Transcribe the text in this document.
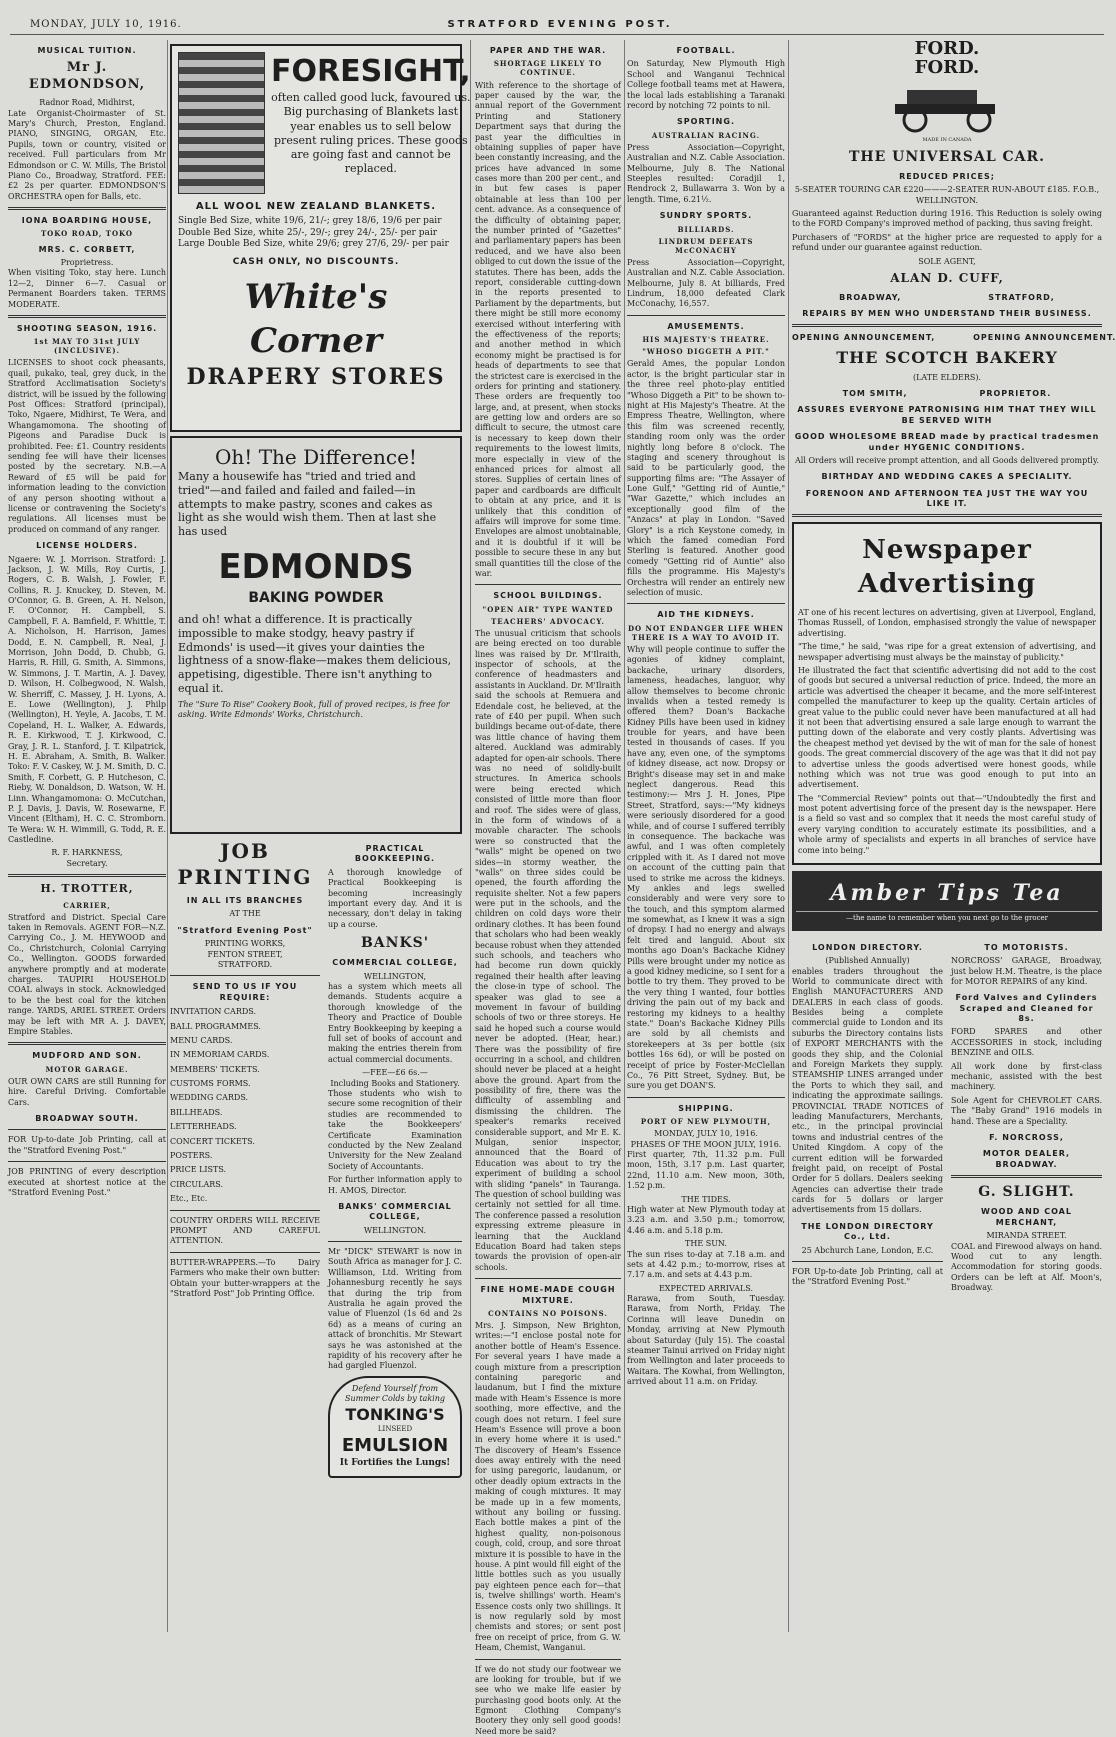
MONDAY, JULY 10, 1916.	STRATFORD EVENING POST.
MUSICAL TUITION.
Mr J. EDMONDSON,
Radnor Road, Midhirst,

Late Organist-Choirmaster of St. Mary's Church, Preston, England. PIANO, SINGING, ORGAN, Etc. Pupils, town or country, visited or received. Full particulars from Mr Edmondson or C. W. Mills, The Bristol Piano Co., Broadway, Stratford. FEE: £2 2s per quarter. EDMONDSON'S ORCHESTRA open for Balls, etc.

IONA BOARDING HOUSE,
TOKO ROAD, TOKO
MRS. C. CORBETT,
Proprietress.

When visiting Toko, stay here. Lunch 12—2, Dinner 6—7. Casual or Permanent Boarders taken. TERMS MODERATE.

SHOOTING SEASON, 1916.
1st MAY TO 31st JULY (INCLUSIVE).

LICENSES to shoot cock pheasants, quail, pukako, teal, grey duck, in the Stratford Acclimatisation Society's district, will be issued by the following Post Offices: Stratford (principal), Toko, Ngaere, Midhirst, Te Wera, and Whangamomona. The shooting of Pigeons and Paradise Duck is prohibited. Fee: £1. Country residents sending fee will have their licenses posted by the secretary. N.B.—A Reward of £5 will be paid for information leading to the conviction of any person shooting without a license or contravening the Society's regulations. All licenses must be produced on command of any ranger.

LICENSE HOLDERS.

Ngaere: W. J. Morrison. Stratford: J. Jackson, J. W. Mills, Roy Curtis, J. Rogers, C. B. Walsh, J. Fowler, F. Collins, R. J. Knuckey, D. Steven, M. O'Connor, G. B. Green, A. H. Nelson, F. O'Connor, H. Campbell, S. Campbell, F. A. Bamfield, F. Whittle, T. A. Nicholson, H. Harrison, James Dodd, E. N. Campbell, R. Neal, J. Morrison, John Dodd, D. Chubb, G. Harris, R. Hill, G. Smith, A. Simmons, W. Simmons, J. T. Martin, A. J. Davey, D. Wilson, H. Colbegwood, N. Walsh, W. Sherriff, C. Massey, J. H. Lyons, A. E. Lowe (Wellington), J. Philp (Wellington), H. Yeyle, A. Jacobs, T. M. Copeland, H. L. Walker, A. Edwards, R. E. Kirkwood, T. J. Kirkwood, C. Gray, J. R. L. Stanford, J. T. Kilpatrick, H. E. Abraham, A. Smith, B. Walker. Toko: F. V. Caskey, W. J. M. Smith, D. C. Smith, F. Corbett, G. P. Hutcheson, C. Rieby, W. Donaldson, D. Watson, W. H. Linn. Whangamomona: O. McCutchan, P. J. Davis, J. Davis, W. Rosewarne, F. Vincent (Eltham), H. C. C. Stromborn. Te Wera: W. H. Wimmill, G. Todd, R. E. Castledine.

R. F. HARKNESS,
Secretary.
H. TROTTER,
CARRIER,

Stratford and District. Special Care taken in Removals. AGENT FOR—N.Z. Carrying Co., J. M. HEYWOOD and Co., Christchurch, Colonial Carrying Co., Wellington. GOODS forwarded anywhere promptly and at moderate charges. TAUPIRI HOUSEHOLD COAL always in stock. Acknowledged to be the best coal for the kitchen range. YARDS, ARIEL STREET. Orders may be left with MR A. J. DAVEY, Empire Stables.

MUDFORD AND SON.
MOTOR GARAGE.

OUR OWN CARS are still Running for hire. Careful Driving. Comfortable Cars.

BROADWAY SOUTH.

FOR Up-to-date Job Printing, call at the "Stratford Evening Post."

JOB PRINTING of every description executed at shortest notice at the "Stratford Evening Post."

FORESIGHT,
often called good luck, favoured us. Big purchasing of Blankets last year enables us to sell below present ruling prices. These goods are going fast and cannot be replaced.
ALL WOOL NEW ZEALAND BLANKETS.
Single Bed Size, white 19/6, 21/-; grey 18/6, 19/6 per pair
Double Bed Size, white 25/-, 29/-; grey 24/-, 25/- per pair
Large Double Bed Size, white 29/6; grey 27/6, 29/- per pair
CASH ONLY, NO DISCOUNTS.
White's Corner
DRAPERY STORES
Oh! The Difference!
Many a housewife has "tried and tried and tried"—and failed and failed and failed—in attempts to make pastry, scones and cakes as light as she would wish them. Then at last she has used
EDMONDS
BAKING POWDER
and oh! what a difference. It is practically impossible to make stodgy, heavy pastry if Edmonds' is used—it gives your dainties the lightness of a snow-flake—makes them delicious, appetising, digestible. There isn't anything to equal it.
The "Sure To Rise" Cookery Book, full of proved recipes, is free for asking. Write Edmonds' Works, Christchurch.
JOB PRINTING
IN ALL ITS BRANCHES
AT THE
"Stratford Evening Post"
PRINTING WORKS,
FENTON STREET,
STRATFORD.
SEND TO US IF YOU REQUIRE:
INVITATION CARDS.
BALL PROGRAMMES.
MENU CARDS.
IN MEMORIAM CARDS.
MEMBERS' TICKETS.
CUSTOMS FORMS.
WEDDING CARDS.
BILLHEADS.
LETTERHEADS.
CONCERT TICKETS.
POSTERS.
PRICE LISTS.
CIRCULARS.
Etc., Etc.

COUNTRY ORDERS WILL RECEIVE PROMPT AND CAREFUL ATTENTION.

BUTTER-WRAPPERS.—To Dairy Farmers who make their own butter: Obtain your butter-wrappers at the "Stratford Post" Job Printing Office.

PRACTICAL BOOKKEEPING.

A thorough knowledge of Practical Bookkeeping is becoming increasingly important every day. And it is necessary, don't delay in taking up a course.

BANKS'
COMMERCIAL COLLEGE,
WELLINGTON,

has a system which meets all demands. Students acquire a thorough knowledge of the Theory and Practice of Double Entry Bookkeeping by keeping a full set of books of account and making the entries therein from actual commercial documents.

—FEE—£6 6s.—
Including Books and Stationery.

Those students who wish to secure some recognition of their studies are recommended to take the Bookkeepers' Certificate Examination conducted by the New Zealand University for the New Zealand Society of Accountants.

For further information apply to H. AMOS, Director.

BANKS' COMMERCIAL COLLEGE,
WELLINGTON.

Mr "DICK" STEWART is now in South Africa as manager for J. C. Williamson, Ltd. Writing from Johannesburg recently he says that during the trip from Australia he again proved the value of Fluenzol (1s 6d and 2s 6d) as a means of curing an attack of bronchitis. Mr Stewart says he was astonished at the rapidity of his recovery after he had gargled Fluenzol.

Defend Yourself from Summer Colds by taking
TONKING'S
LINSEED
EMULSION
It Fortifies the Lungs!
PAPER AND THE WAR.
SHORTAGE LIKELY TO CONTINUE.

With reference to the shortage of paper caused by the war, the annual report of the Government Printing and Stationery Department says that during the past year the difficulties in obtaining supplies of paper have been constantly increasing, and the prices have advanced in some cases more than 200 per cent., and in but few cases is paper obtainable at less than 100 per cent. advance. As a consequence of the difficulty of obtaining paper, the number printed of "Gazettes" and parliamentary papers has been reduced, and we have also been obliged to cut down the issue of the statutes. There has been, adds the report, considerable cutting-down in the reports presented to Parliament by the departments, but there might be still more economy exercised without interfering with the effectiveness of the reports; and another method in which economy might be practised is for heads of departments to see that the strictest care is exercised in the orders for printing and stationery. These orders are frequently too large, and, at present, when stocks are getting low and orders are so difficult to secure, the utmost care is necessary to keep down their requirements to the lowest limits, more especially in view of the enhanced prices for almost all stores. Supplies of certain lines of paper and cardboards are difficult to obtain at any price, and it is unlikely that this condition of affairs will improve for some time. Envelopes are almost unobtainable, and it is doubtful if it will be possible to secure these in any but small quantities till the close of the war.

SCHOOL BUILDINGS.
"OPEN AIR" TYPE WANTED
TEACHERS' ADVOCACY.

The unusual criticism that schools are being erected on too durable lines was raised by Dr. M'Ilraith, inspector of schools, at the conference of headmasters and assistants in Auckland. Dr. M'Ilraith said the schools at Remuera and Edendale cost, he believed, at the rate of £40 per pupil. When such buildings became out-of-date, there was little chance of having them altered. Auckland was admirably adapted for open-air schools. There was no need of solidly-built structures. In America schools were being erected which consisted of little more than floor and roof. The sides were of glass, in the form of windows of a movable character. The schools were so constructed that the "walls" might be opened on two sides—in stormy weather, the "walls" on three sides could be opened, the fourth affording the requisite shelter. Not a few papers were put in the schools, and the children on cold days wore their ordinary clothes. It has been found that scholars who had been weakly because robust when they attended such schools, and teachers who had become run down quickly regained their health after leaving the close-in type of school. The speaker was glad to see a movement in favour of building schools of two or three storeys. He said he hoped such a course would never be adopted. (Hear, hear.) There was the possibility of fire occurring in a school, and children should never be placed at a height above the ground. Apart from the possibility of fire, there was the difficulty of assembling and dismissing the children. The speaker's remarks received considerable support, and Mr E. K. Mulgan, senior inspector, announced that the Board of Education was about to try the experiment of building a school with sliding "panels" in Tauranga. The question of school building was certainly not settled for all time. The conference passed a resolution expressing extreme pleasure in learning that the Auckland Education Board had taken steps towards the provision of open-air schools.

FINE HOME-MADE COUGH MIXTURE.
CONTAINS NO POISONS.

Mrs. J. Simpson, New Brighton, writes:—"I enclose postal note for another bottle of Heam's Essence. For several years I have made a cough mixture from a prescription containing paregoric and laudanum, but I find the mixture made with Heam's Essence is more soothing, more effective, and the cough does not return. I feel sure Heam's Essence will prove a boon in every home where it is used." The discovery of Heam's Essence does away entirely with the need for using paregoric, laudanum, or other deadly opium extracts in the making of cough mixtures. It may be made up in a few moments, without any boiling or fussing. Each bottle makes a pint of the highest quality, non-poisonous cough, cold, croup, and sore throat mixture it is possible to have in the house. A pint would fill eight of the little bottles such as you usually pay eighteen pence each for—that is, twelve shillings' worth. Heam's Essence costs only two shillings. It is now regularly sold by most chemists and stores; or sent post free on receipt of price, from G. W. Heam, Chemist, Wanganui.

If we do not study our footwear we are looking for trouble, but if we see who we make life easier by purchasing good boots only. At the Egmont Clothing Company's Bootery they only sell good goods! Need more be said?

FOOTBALL.

On Saturday, New Plymouth High School and Wanganui Technical College football teams met at Hawera, the local lads establishing a Taranaki record by notching 72 points to nil.

SPORTING.
AUSTRALIAN RACING.

Press Association—Copyright, Australian and N.Z. Cable Association. Melbourne, July 8. The National Steeples resulted: Coradjil 1, Rendrock 2, Bullawarra 3. Won by a length. Time, 6.21½.

SUNDRY SPORTS.
BILLIARDS.
LINDRUM DEFEATS McCONACHY

Press Association—Copyright, Australian and N.Z. Cable Association. Melbourne, July 8. At billiards, Fred Lindrum, 18,000 defeated Clark McConachy, 16,557.

AMUSEMENTS.
HIS MAJESTY'S THEATRE.
"WHOSO DIGGETH A PIT."

Gerald Ames, the popular London actor, is the bright particular star in the three reel photo-play entitled "Whoso Diggeth a Pit" to be shown to-night at His Majesty's Theatre. At the Empress Theatre, Wellington, where this film was screened recently, standing room only was the order nightly long before 8 o'clock. The staging and scenery throughout is said to be particularly good, the supporting films are: "The Assayer of Lone Gulf," "Getting rid of Auntie," "War Gazette," which includes an exceptionally good film of the "Anzacs" at play in London. "Saved Glory" is a rich Keystone comedy, in which the famed comedian Ford Sterling is featured. Another good comedy "Getting rid of Auntie" also fills the programme. His Majesty's Orchestra will render an entirely new selection of music.

AID THE KIDNEYS.
DO NOT ENDANGER LIFE WHEN THERE IS A WAY TO AVOID IT.

Why will people continue to suffer the agonies of kidney complaint, backache, urinary disorders, lameness, headaches, languor, why allow themselves to become chronic invalids when a tested remedy is offered them? Doan's Backache Kidney Pills have been used in kidney trouble for years, and have been tested in thousands of cases. If you have any, even one, of the symptoms of kidney disease, act now. Dropsy or Bright's disease may set in and make neglect dangerous. Read this testimony:— Mrs J. H. Jones, Pipe Street, Stratford, says:—"My kidneys were seriously disordered for a good while, and of course I suffered terribly in consequence. The backache was awful, and I was often completely crippled with it. As I dared not move on account of the cutting pain that used to strike me across the kidneys. My ankles and legs swelled considerably and were very sore to the touch, and this symptom alarmed me somewhat, as I knew it was a sign of dropsy. I had no energy and always felt tired and languid. About six months ago Doan's Backache Kidney Pills were brought under my notice as a good kidney medicine, so I sent for a bottle to try them. They proved to be the very thing I wanted, four bottles driving the pain out of my back and restoring my kidneys to a healthy state." Doan's Backache Kidney Pills are sold by all chemists and storekeepers at 3s per bottle (six bottles 16s 6d), or will be posted on receipt of price by Foster-McClellan Co., 76 Pitt Street, Sydney. But, be sure you get DOAN'S.

SHIPPING.
PORT OF NEW PLYMOUTH,
MONDAY, JULY 10, 1916.
PHASES OF THE MOON JULY, 1916.

First quarter, 7th, 11.32 p.m. Full moon, 15th, 3.17 p.m. Last quarter, 22nd, 11.10 a.m. New moon, 30th, 1.52 p.m.

THE TIDES.

High water at New Plymouth today at 3.23 a.m. and 3.50 p.m.; tomorrow, 4.46 a.m. and 5.18 p.m.

THE SUN.

The sun rises to-day at 7.18 a.m. and sets at 4.42 p.m.; to-morrow, rises at 7.17 a.m. and sets at 4.43 p.m.

EXPECTED ARRIVALS.

Rarawa, from South, Tuesday. Rarawa, from North, Friday. The Corinna will leave Dunedin on Monday, arriving at New Plymouth about Saturday (July 15). The coastal steamer Tainui arrived on Friday night from Wellington and later proceeds to Waitara. The Kowhai, from Wellington, arrived about 11 a.m. on Friday.

FORD.
FORD.
MADE IN CANADA
THE UNIVERSAL CAR.
REDUCED PRICES;

5-SEATER TOURING CAR £220———2-SEATER RUN-ABOUT £185. F.O.B., WELLINGTON.

Guaranteed against Reduction during 1916. This Reduction is solely owing to the FORD Company's improved method of packing, thus saving freight.

Purchasers of "FORDS" at the higher price are requested to apply for a refund under our guarantee against reduction.

SOLE AGENT,
ALAN D. CUFF,
BROADWAY,                       STRATFORD,
REPAIRS BY MEN WHO UNDERSTAND THEIR BUSINESS.
OPENING ANNOUNCEMENT,          OPENING ANNOUNCEMENT.
THE SCOTCH BAKERY
(LATE ELDERS).
TOM SMITH,                   PROPRIETOR.
ASSURES EVERYONE PATRONISING HIM THAT THEY WILL BE SERVED WITH
GOOD WHOLESOME BREAD made by practical tradesmen under HYGENIC CONDITIONS.

All Orders will receive prompt attention, and all Goods delivered promptly.

BIRTHDAY AND WEDDING CAKES A SPECIALITY.
FORENOON AND AFTERNOON TEA JUST THE WAY YOU LIKE IT.
Newspaper Advertising

AT one of his recent lectures on advertising, given at Liverpool, England, Thomas Russell, of London, emphasised strongly the value of newspaper advertising.

"The time," he said, "was ripe for a great extension of advertising, and newspaper advertising must always be the mainstay of publicity."

He illustrated the fact that scientific advertising did not add to the cost of goods but secured a universal reduction of price. Indeed, the more an article was advertised the cheaper it became, and the more self-interest compelled the manufacturer to keep up the quality. Certain articles of great value to the public could never have been manufactured at all had it not been that advertising ensured a sale large enough to warrant the putting down of the elaborate and very costly plants. Advertising was the cheapest method yet devised by the wit of man for the sale of honest goods. The great commercial discovery of the age was that it did not pay to advertise unless the goods advertised were honest goods, while nothing which was not true was good enough to put into an advertisement.

The "Commercial Review" points out that—"Undoubtedly the first and most potent advertising force of the present day is the newspaper. Here is a field so vast and so complex that it needs the most careful study of every varying condition to accurately estimate its possibilities, and a whole army of specialists and experts in all branches of service have come into being."

Amber Tips Tea
—the name to remember when you next go to the grocer
LONDON DIRECTORY.
(Published Annually)

enables traders throughout the World to communicate direct with English MANUFACTURERS AND DEALERS in each class of goods. Besides being a complete commercial guide to London and its suburbs the Directory contains lists of EXPORT MERCHANTS with the goods they ship, and the Colonial and Foreign Markets they supply. STEAMSHIP LINES arranged under the Ports to which they sail, and indicating the approximate sailings. PROVINCIAL TRADE NOTICES of leading Manufacturers, Merchants, etc., in the principal provincial towns and industrial centres of the United Kingdom. A copy of the current edition will be forwarded freight paid, on receipt of Postal Order for 5 dollars. Dealers seeking Agencies can advertise their trade cards for 5 dollars or larger advertisements from 15 dollars.

THE LONDON DIRECTORY Co., Ltd.
25 Abchurch Lane, London, E.C.

FOR Up-to-date Job Printing, call at the "Stratford Evening Post."

TO MOTORISTS.

NORCROSS' GARAGE, Broadway, just below H.M. Theatre, is the place for MOTOR REPAIRS of any kind.

Ford Valves and Cylinders Scraped and Cleaned for 8s.

FORD SPARES and other ACCESSORIES in stock, including BENZINE and OILS.

All work done by first-class mechanic, assisted with the best machinery.

Sole Agent for CHEVROLET CARS. The "Baby Grand" 1916 models in hand. These are a Speciality.

F. NORCROSS,
MOTOR DEALER, BROADWAY.
G. SLIGHT.
WOOD AND COAL MERCHANT,
MIRANDA STREET.

COAL and Firewood always on hand. Wood cut to any length. Accommodation for storing goods. Orders can be left at Alf. Moon's, Broadway.
